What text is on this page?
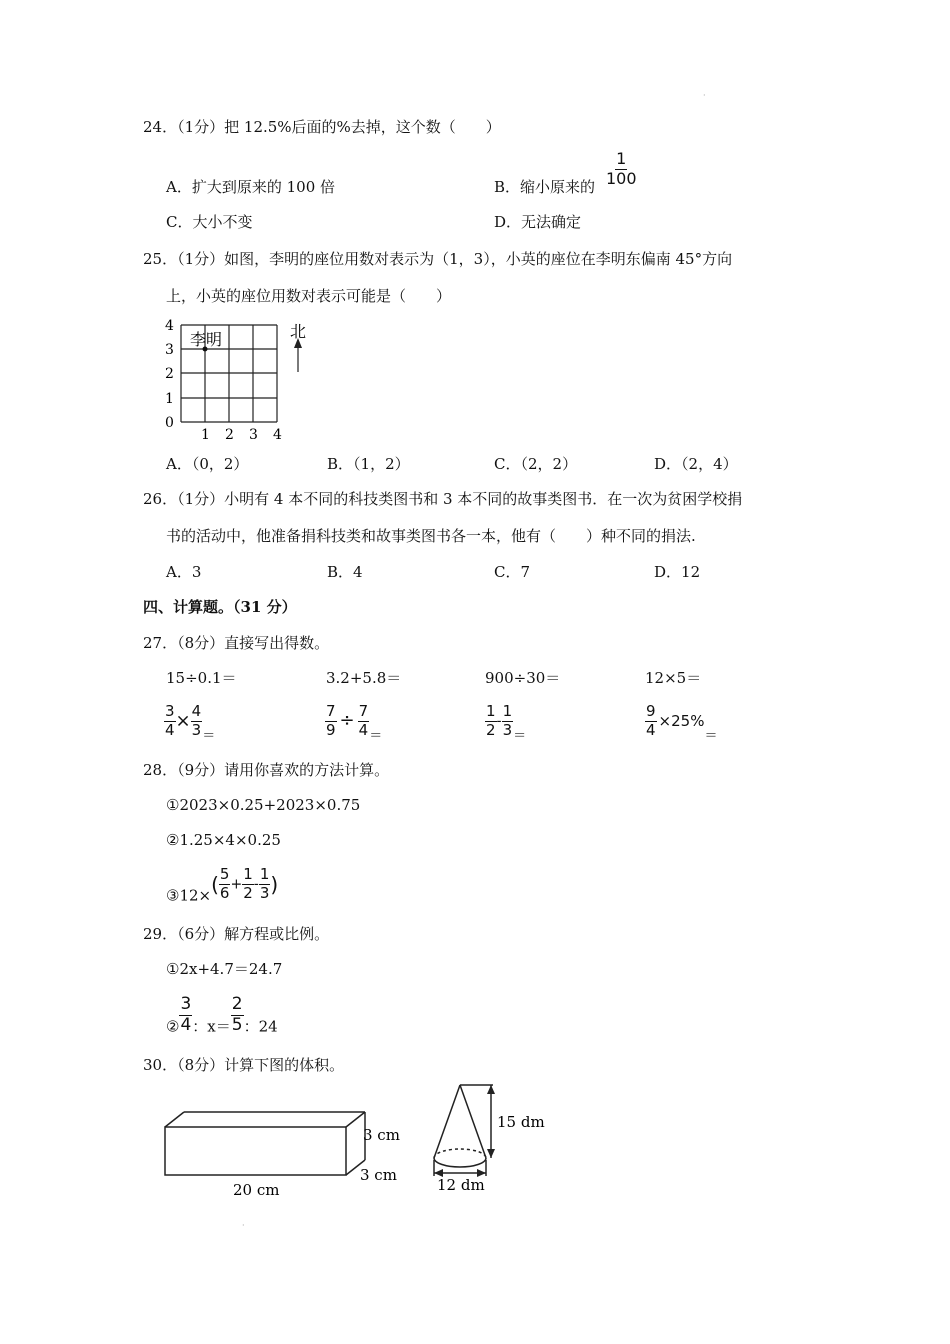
·
·
24．（1分）把 12.5%后面的%去掉，这个数（　　）
A．扩大到原来的 100 倍	B．缩小原来的 $\frac{1}{100}$
C．大小不变	D．无法确定
25．（1分）如图，李明的座位用数对表示为（1，3），小英的座位在李明东偏南 45°方向
上，小英的座位用数对表示可能是（　　）
李明	北
4
3
2
1
0
1 2 3 4
A．（0，2）	B．（1，2）	C．（2，2）	D．（2，4）
26．（1分）小明有 4 本不同的科技类图书和 3 本不同的故事类图书．在一次为贫困学校捐
书的活动中，他准备捐科技类和故事类图书各一本，他有（　　）种不同的捐法.
A．3	B．4	C．7	D．12
四、计算题。（31 分）
27．（8分）直接写出得数。
15÷0.1＝	3.2+5.8＝	900÷30＝	12×5＝
$\frac{3}{4} \times \frac{4}{3}$ ＝	$\frac{7}{9} \div \frac{7}{4}$ ＝	$\frac{1}{2} - \frac{1}{3}$ ＝	$\frac{9}{4} \times 25\%=$
28．（9分）请用你喜欢的方法计算。
①2023×0.25+2023×0.75
②1.25×4×0.25
③12×( $\frac{5}{6} + \frac{1}{2} - \frac{1}{3}$ )
29．（6分）解方程或比例。
①2x+4.7＝24.7
② $\frac{3}{4}$ ：$x= \frac{2}{5}$ ：24
30．（8分）计算下图的体积。
3 cm
3 cm
20 cm
15 dm
12 dm
